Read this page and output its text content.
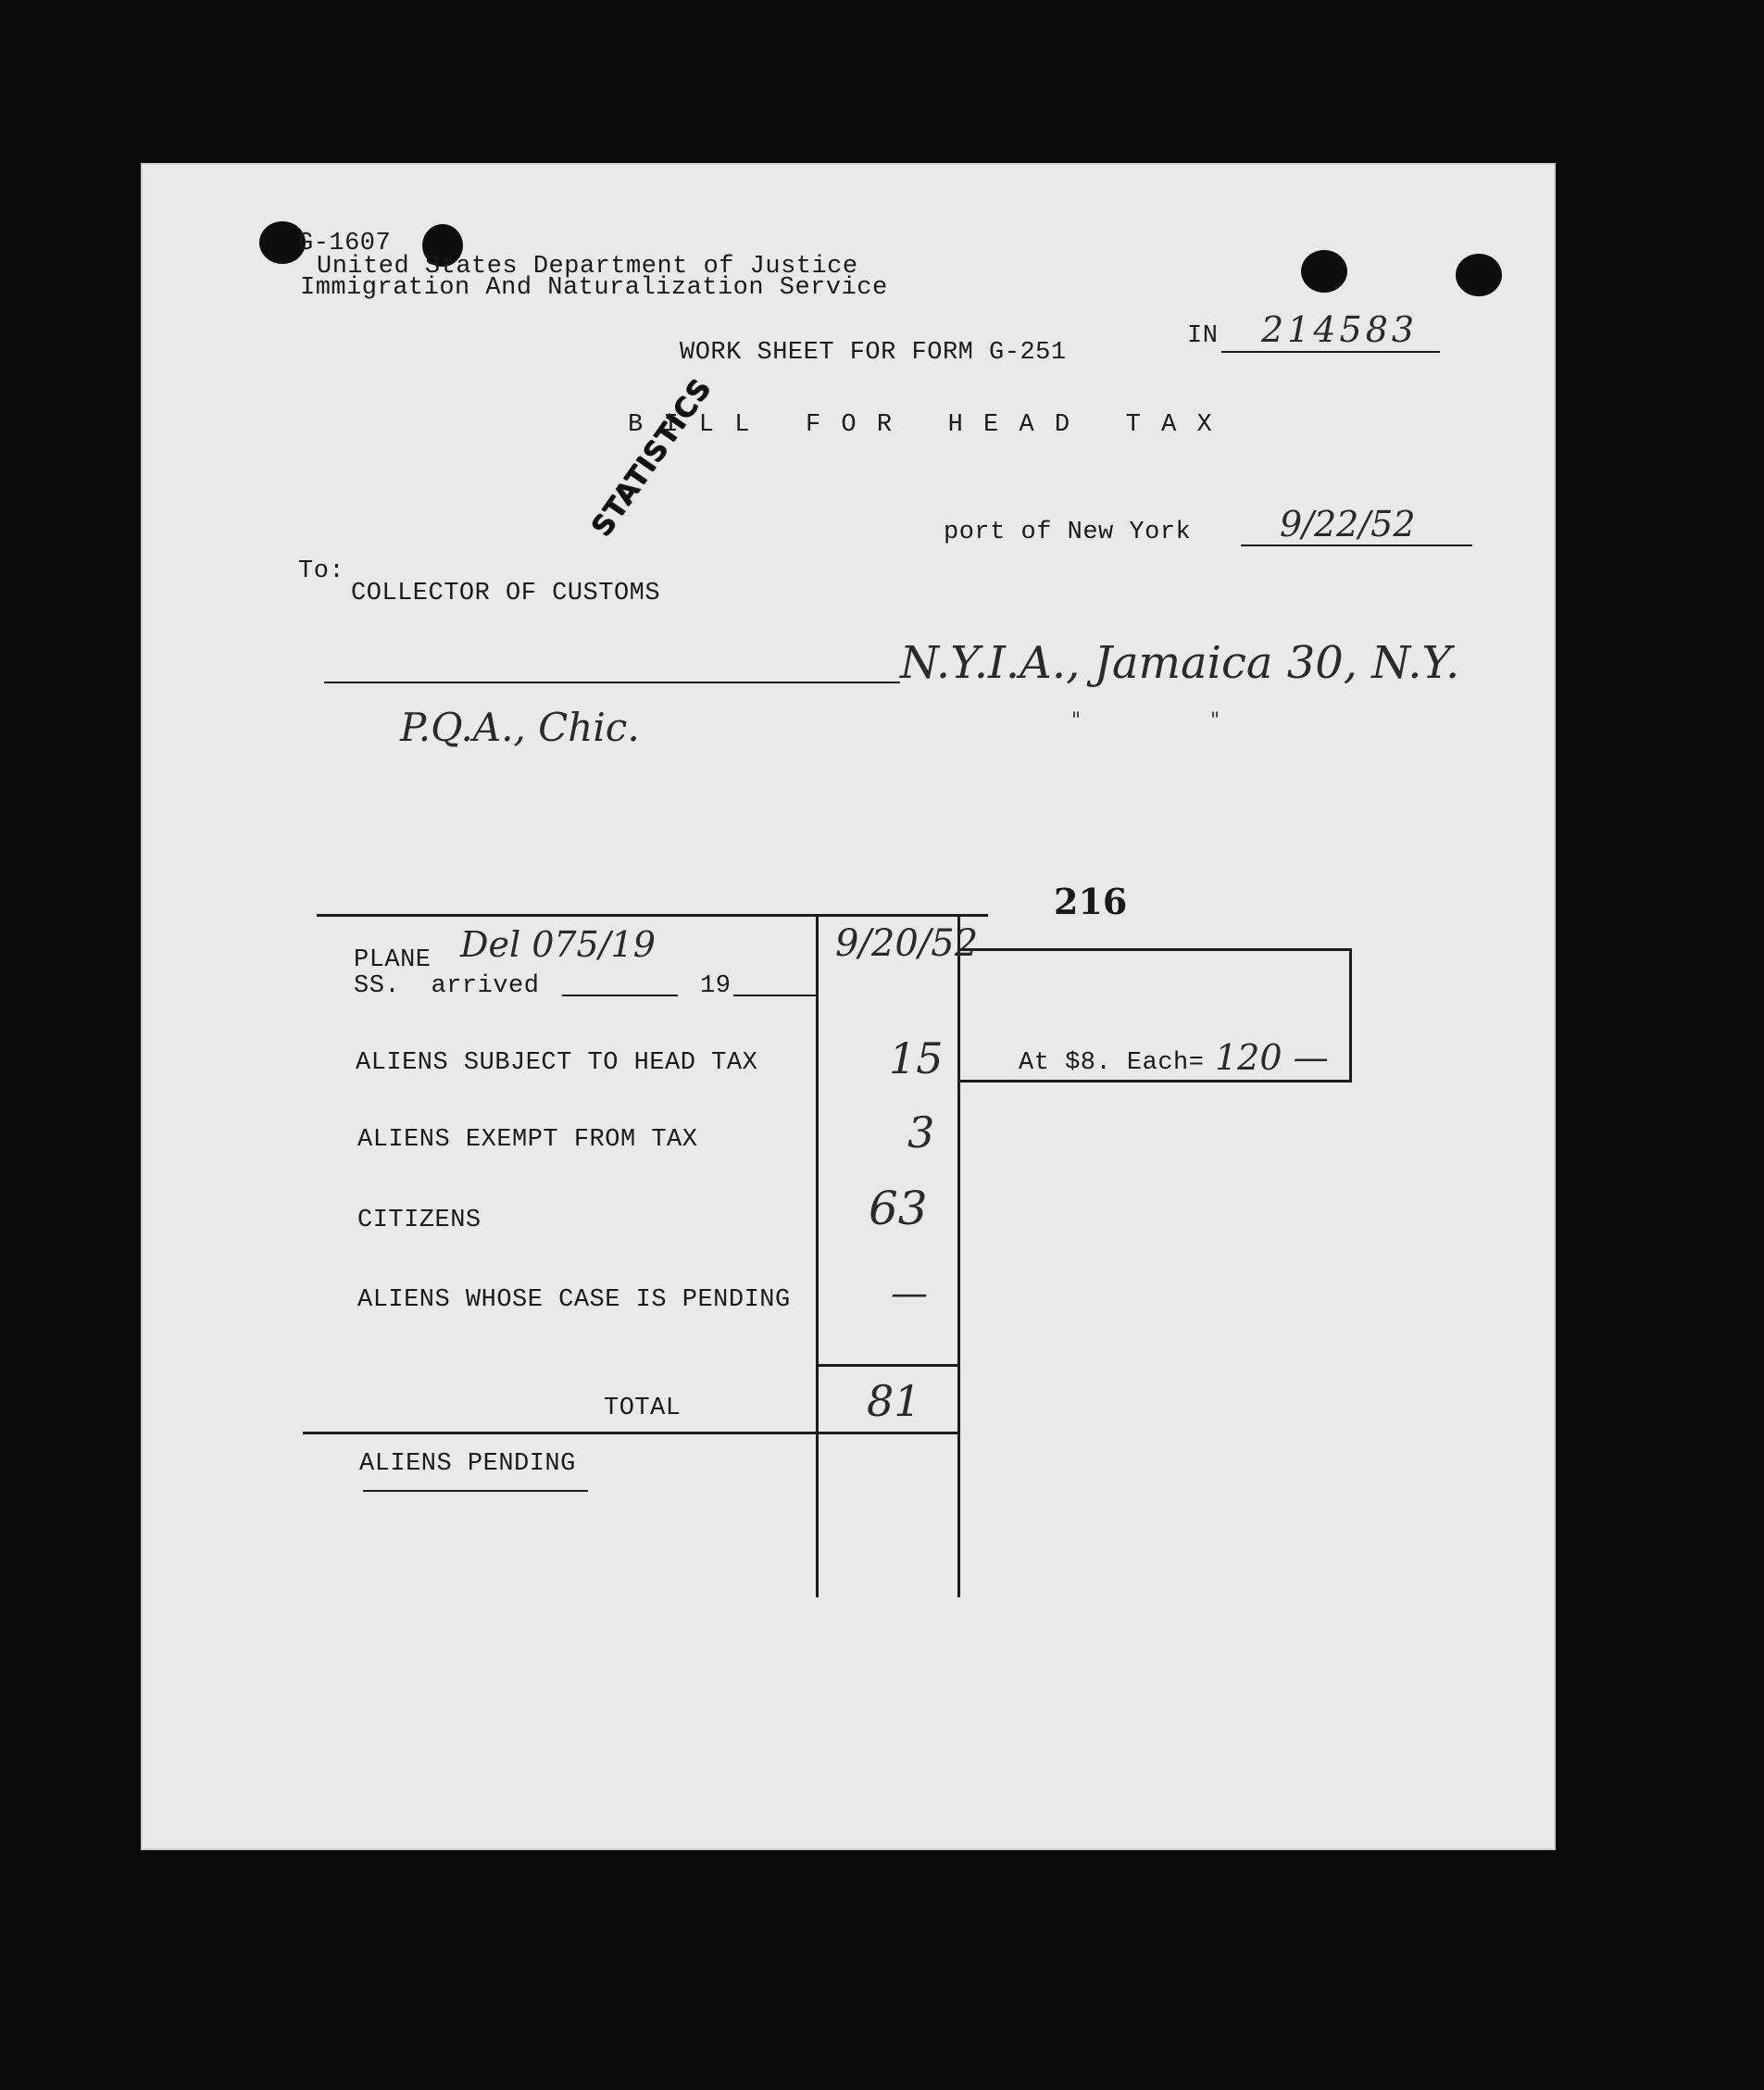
G-1607
United States Department of Justice
Immigration And Naturalization Service
STATISTICS
WORK SHEET FOR FORM G-251
IN 214583
B I L L   F O R   H E A D   T A X
port of New York	9/22/52
To:
COLLECTOR OF CUSTOMS
N.Y.I.A., Jamaica 30, N.Y.
"                    "
P.Q.A., Chic.
216
PLANE Del 075/19
SS.  arrived	19
9/20/52
ALIENS SUBJECT TO HEAD TAX	15	At $8. Each= 120 —
ALIENS EXEMPT FROM TAX	3
CITIZENS	63
ALIENS WHOSE CASE IS PENDING	—
TOTAL	81
ALIENS PENDING
